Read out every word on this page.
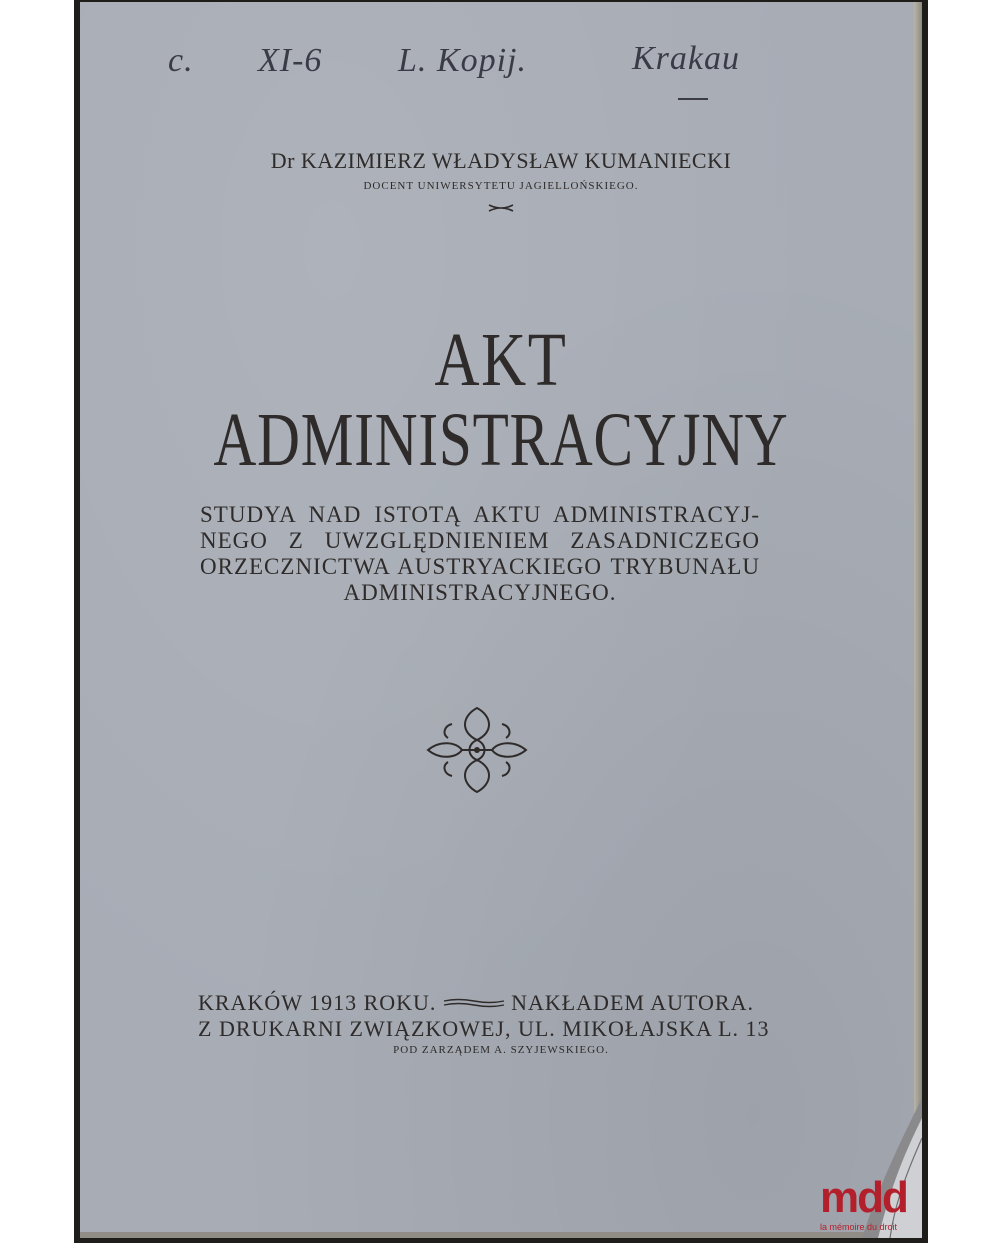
c. XI-6 L. Kopij.	Krakau
Dr KAZIMIERZ WŁADYSŁAW KUMANIECKI
DOCENT UNIWERSYTETU JAGIELLOŃSKIEGO.
AKT
ADMINISTRACYJNY
STUDYA NAD ISTOTĄ AKTU ADMINISTRACYJ-
NEGO Z UWZGLĘDNIENIEM ZASADNICZEGO
ORZECZNICTWA AUSTRYACKIEGO TRYBUNAŁU
ADMINISTRACYJNEGO.
KRAKÓW 1913 ROKU.	NAKŁADEM AUTORA.
Z DRUKARNI ZWIĄZKOWEJ, UL. MIKOŁAJSKA L. 13
POD ZARZĄDEM A. SZYJEWSKIEGO.
mdd
la mémoire du droit
